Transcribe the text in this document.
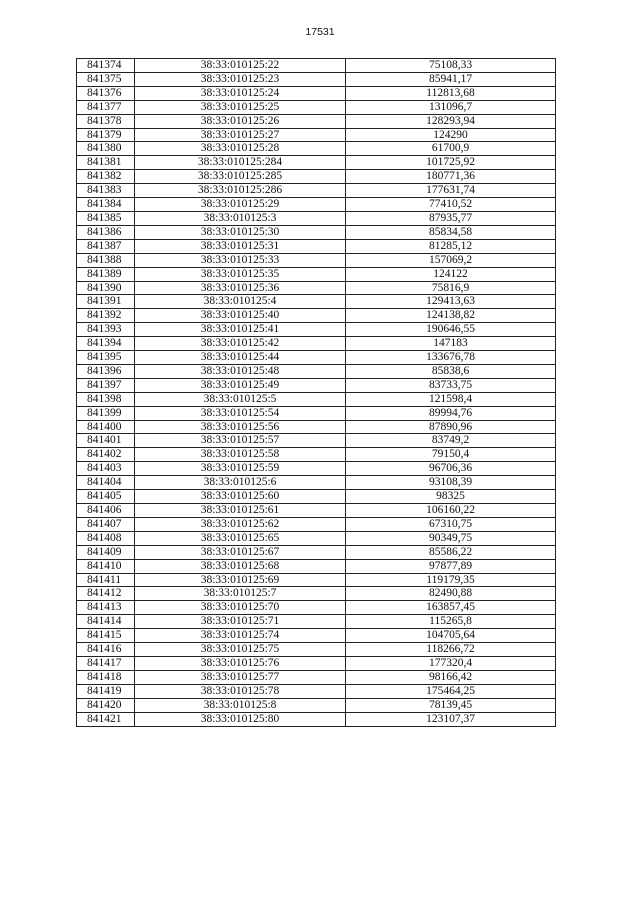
17531
841374	38:33:010125:22	75108,33
841375	38:33:010125:23	85941,17
841376	38:33:010125:24	112813,68
841377	38:33:010125:25	131096,7
841378	38:33:010125:26	128293,94
841379	38:33:010125:27	124290
841380	38:33:010125:28	61700,9
841381	38:33:010125:284	101725,92
841382	38:33:010125:285	180771,36
841383	38:33:010125:286	177631,74
841384	38:33:010125:29	77410,52
841385	38:33:010125:3	87935,77
841386	38:33:010125:30	85834,58
841387	38:33:010125:31	81285,12
841388	38:33:010125:33	157069,2
841389	38:33:010125:35	124122
841390	38:33:010125:36	75816,9
841391	38:33:010125:4	129413,63
841392	38:33:010125:40	124138,82
841393	38:33:010125:41	190646,55
841394	38:33:010125:42	147183
841395	38:33:010125:44	133676,78
841396	38:33:010125:48	85838,6
841397	38:33:010125:49	83733,75
841398	38:33:010125:5	121598,4
841399	38:33:010125:54	89994,76
841400	38:33:010125:56	87890,96
841401	38:33:010125:57	83749,2
841402	38:33:010125:58	79150,4
841403	38:33:010125:59	96706,36
841404	38:33:010125:6	93108,39
841405	38:33:010125:60	98325
841406	38:33:010125:61	106160,22
841407	38:33:010125:62	67310,75
841408	38:33:010125:65	90349,75
841409	38:33:010125:67	85586,22
841410	38:33:010125:68	97877,89
841411	38:33:010125:69	119179,35
841412	38:33:010125:7	82490,88
841413	38:33:010125:70	163857,45
841414	38:33:010125:71	115265,8
841415	38:33:010125:74	104705,64
841416	38:33:010125:75	118266,72
841417	38:33:010125:76	177320,4
841418	38:33:010125:77	98166,42
841419	38:33:010125:78	175464,25
841420	38:33:010125:8	78139,45
841421	38:33:010125:80	123107,37
